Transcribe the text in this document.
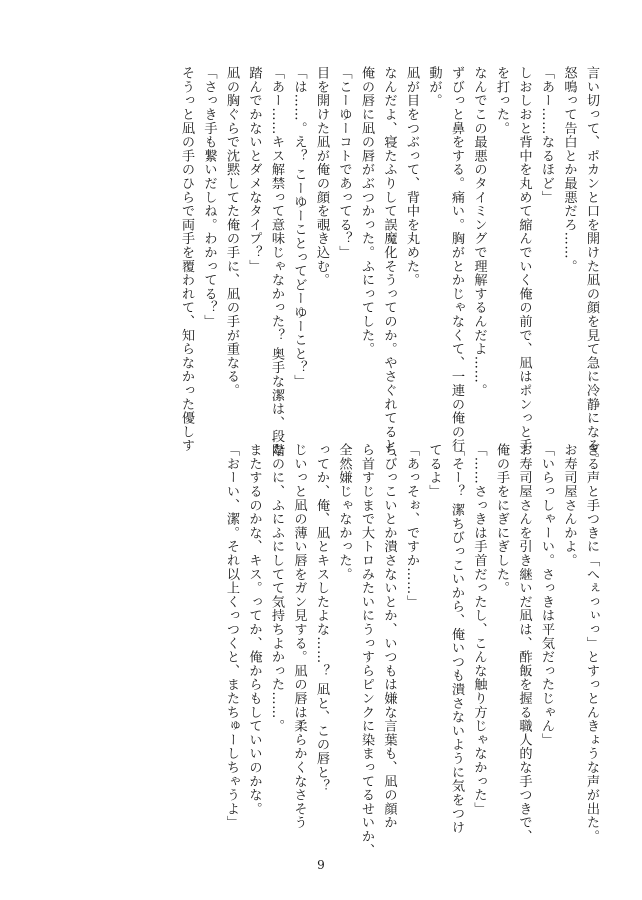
言い切って、ポカンと口を開けた凪の顔を見て急に冷静になる。
怒鳴って告白とか最悪だろ……。
「あー……なるほど」
しおしおと背中を丸めて縮んでいく俺の前で、凪はポンっと手
を打った。
なんでこの最悪のタイミングで理解するんだよ……。
ずびっと鼻をする。痛い。胸がとかじゃなくて、一連の俺の行
動が。
凪が目をつぶって、背中を丸めた。
なんだよ、寝たふりして誤魔化そうってのか。やさぐれてると、
俺の唇に凪の唇がぶつかった。ふにってした。
「こーゆーコトであってる？」
目を開けた凪が俺の顔を覗き込む。
「は……。え？ こーゆーことってどーゆーこと？」
「あー……キス解禁って意味じゃなかった？ 奥手な潔は、段階
踏んでかないとダメなタイプ？」
凪の胸ぐらで沈黙してた俺の手に、凪の手が重なる。
「さっき手も繋いだしね。わかってる？」
そうっと凪の手のひらで両手を覆われて、知らなかった優しす
ぎる声と手つきに「へぇっぃっ」とすっとんきょうな声が出た。
お寿司屋さんかよ。
「いらっしゃーい。さっきは平気だったじゃん」
お寿司屋さんを引き継いだ凪は、酢飯を握る職人的な手つきで、
俺の手をにぎにぎした。
「……さっきは手首だったし、こんな触り方じゃなかった」
「そー？ 潔ちびっこいから、俺いつも潰さないように気をつけ
てるよ」
「あっそぉ、ですか……」
ちびっこいとか潰さないとか、いつもは嫌な言葉も、凪の顔か
ら首すじまで大トロみたいにうっすらピンクに染まってるせいか、
全然嫌じゃなかった。
ってか、俺、凪とキスしたよな……？ 凪と、この唇と？
じいっと凪の薄い唇をガン見する。凪の唇は柔らかくなさそう
なのに、ふにふにしてて気持ちよかった……。
またするのかな、キス。ってか、俺からもしていいのかな。
「おーい、潔。それ以上くっつくと、またちゅーしちゃうよ」
9
